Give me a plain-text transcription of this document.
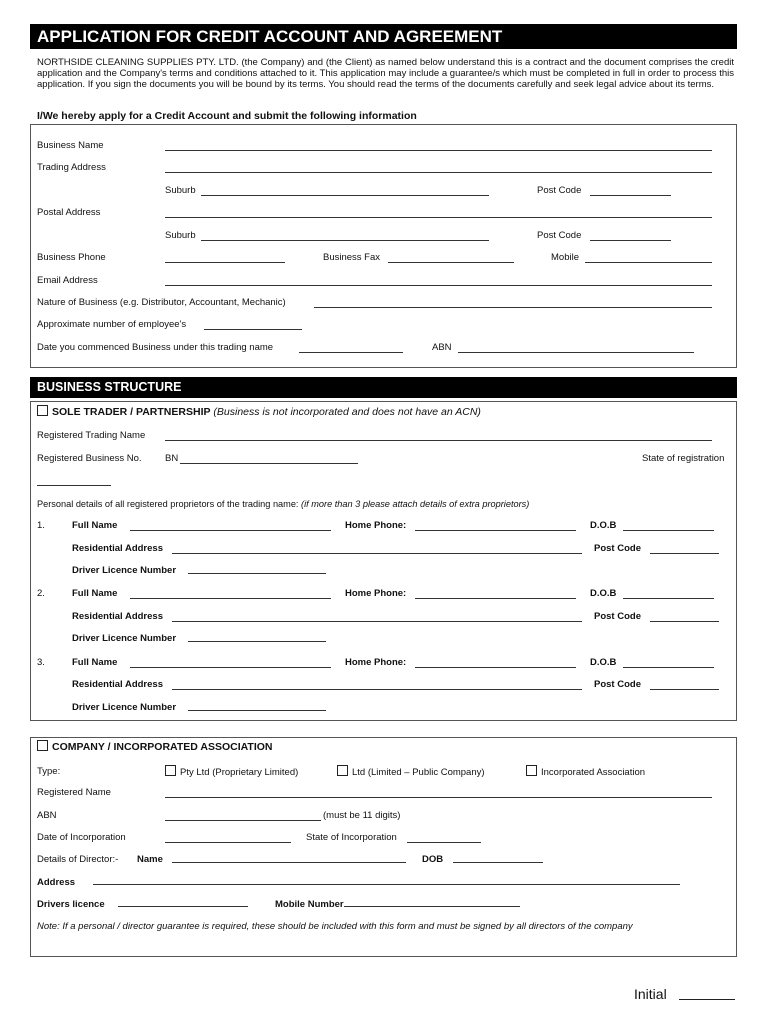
APPLICATION FOR CREDIT ACCOUNT AND AGREEMENT
NORTHSIDE CLEANING SUPPLIES PTY. LTD. (the Company) and (the Client) as named below understand this is a contract and the document comprises the credit application and the Company's terms and conditions attached to it. This application may include a guarantee/s which must be completed in full in order to process this application. If you sign the documents you will be bound by its terms. You should read the terms of the documents carefully and seek legal advice about its terms.
I/We hereby apply for a Credit Account and submit the following information
Business Name
Trading Address
Suburb	Post Code
Postal Address
Suburb	Post Code
Business Phone	Business Fax	Mobile
Email Address
Nature of Business (e.g. Distributor, Accountant, Mechanic)
Approximate number of employee's
Date you commenced Business under this trading name	ABN
BUSINESS STRUCTURE
SOLE TRADER / PARTNERSHIP (Business is not incorporated and does not have an ACN)
Registered Trading Name
Registered Business No. BN	State of registration
Personal details of all registered proprietors of the trading name: (if more than 3 please attach details of extra proprietors)
1.	Full Name	Home Phone:	D.O.B
Residential Address	Post Code
Driver Licence Number
2.	Full Name	Home Phone:	D.O.B
Residential Address	Post Code
Driver Licence Number
3.	Full Name	Home Phone:	D.O.B
Residential Address	Post Code
Driver Licence Number
COMPANY / INCORPORATED ASSOCIATION
Type:	Pty Ltd (Proprietary Limited)	Ltd (Limited – Public Company)	Incorporated Association
Registered Name
ABN	(must be 11 digits)
Date of Incorporation	State of Incorporation
Details of Director:- Name	DOB
Address
Drivers licence	Mobile Number
Note: If a personal / director guarantee is required, these should be included with this form and must be signed by all directors of the company
Initial
